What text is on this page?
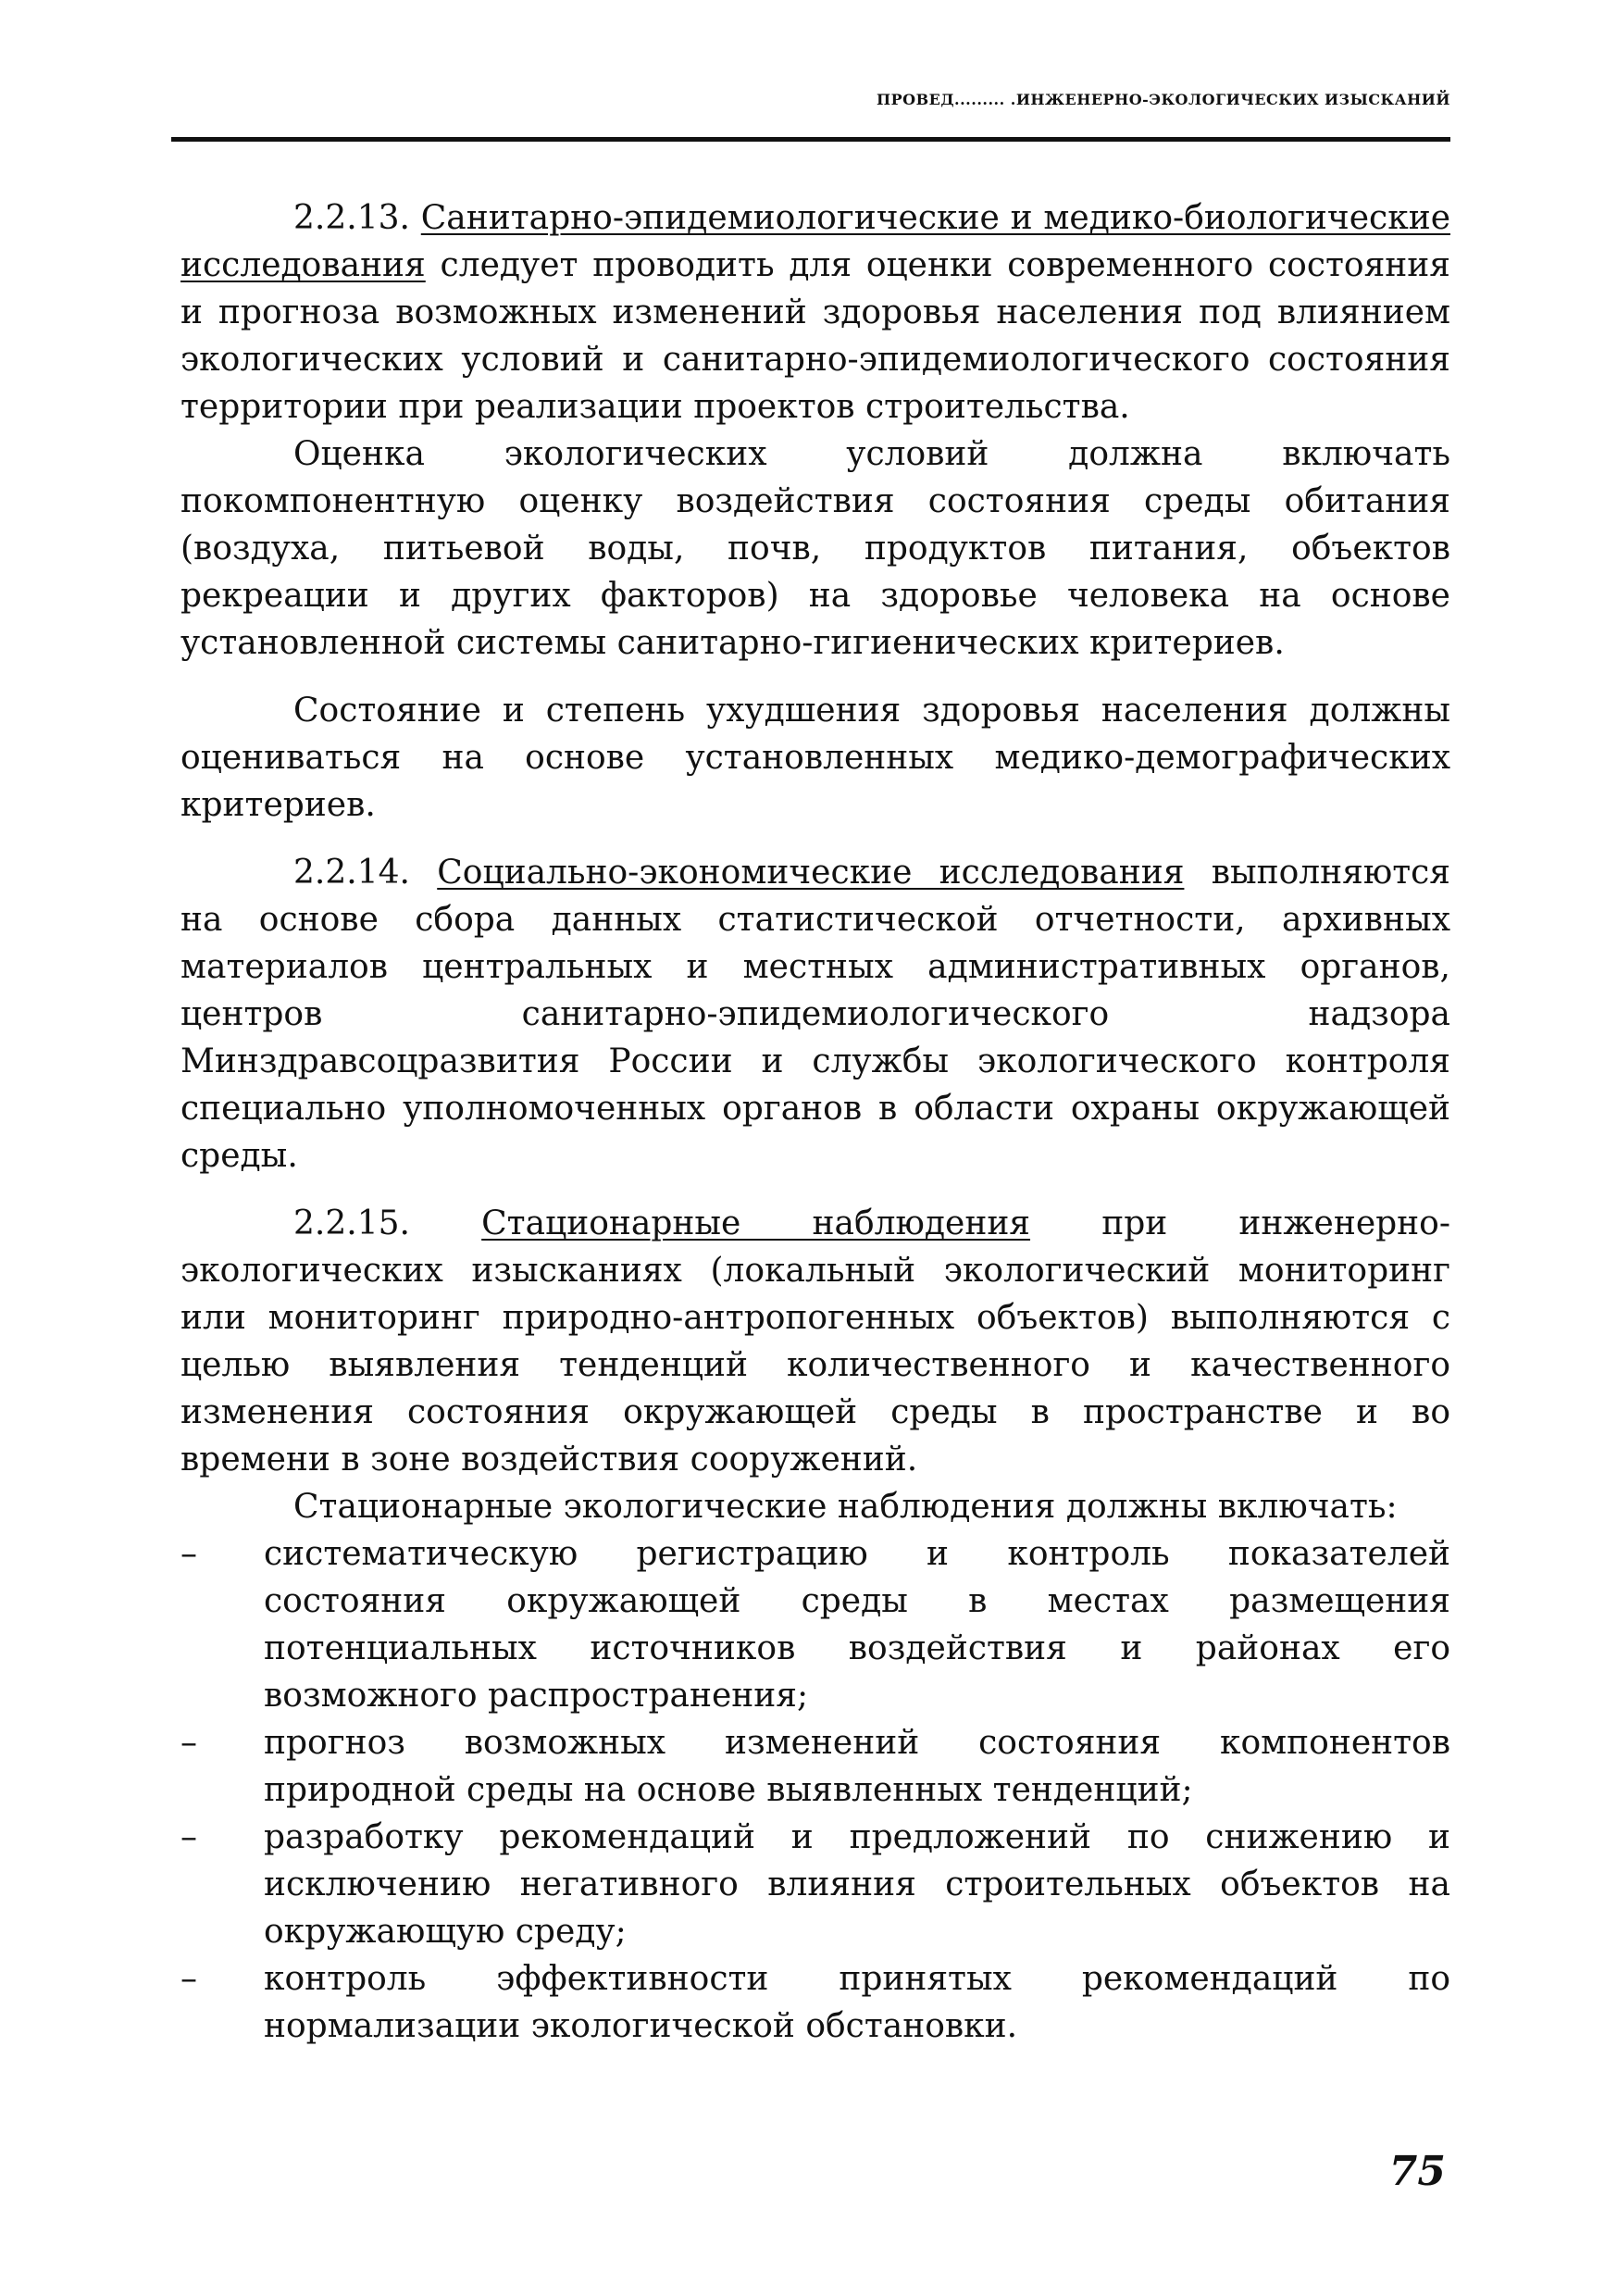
ПРОВЕД......... .ИНЖЕНЕРНО-ЭКОЛОГИЧЕСКИХ ИЗЫСКАНИЙ

2.2.13. Санитарно-эпидемиологические и медико-биологические исследования следует проводить для оценки современного состояния и прогноза возможных изменений здоровья населения под влиянием экологических условий и санитарно-эпидемиологического состояния территории при реализации проектов строительства.

Оценка экологических условий должна включать покомпонентную оценку воздействия состояния среды обитания (воздуха, питьевой воды, почв, продуктов питания, объектов рекреации и других факторов) на здоровье человека на основе установленной системы санитарно-гигиенических критериев.

Состояние и степень ухудшения здоровья населения должны оцениваться на основе установленных медико-демографических критериев.

2.2.14. Социально-экономические исследования выполняются на основе сбора данных статистической отчетности, архивных материалов центральных и местных административных органов, центров санитарно-эпидемиологического надзора Минздравсоцразвития России и службы экологического контроля специально уполномоченных органов в области охраны окружающей среды.

2.2.15. Стационарные наблюдения при инженерно-экологических изысканиях (локальный экологический мониторинг или мониторинг природно-антропогенных объектов) выполняются с целью выявления тенденций количественного и качественного изменения состояния окружающей среды в пространстве и во времени в зоне воздействия сооружений.

Стационарные экологические наблюдения должны включать:

– систематическую регистрацию и контроль показателей состояния окружающей среды в местах размещения потенциальных источников воздействия и районах его возможного распространения;
– прогноз возможных изменений состояния компонентов природной среды на основе выявленных тенденций;
– разработку рекомендаций и предложений по снижению и исключению негативного влияния строительных объектов на окружающую среду;
– контроль эффективности принятых рекомендаций по нормализации экологической обстановки.
75
